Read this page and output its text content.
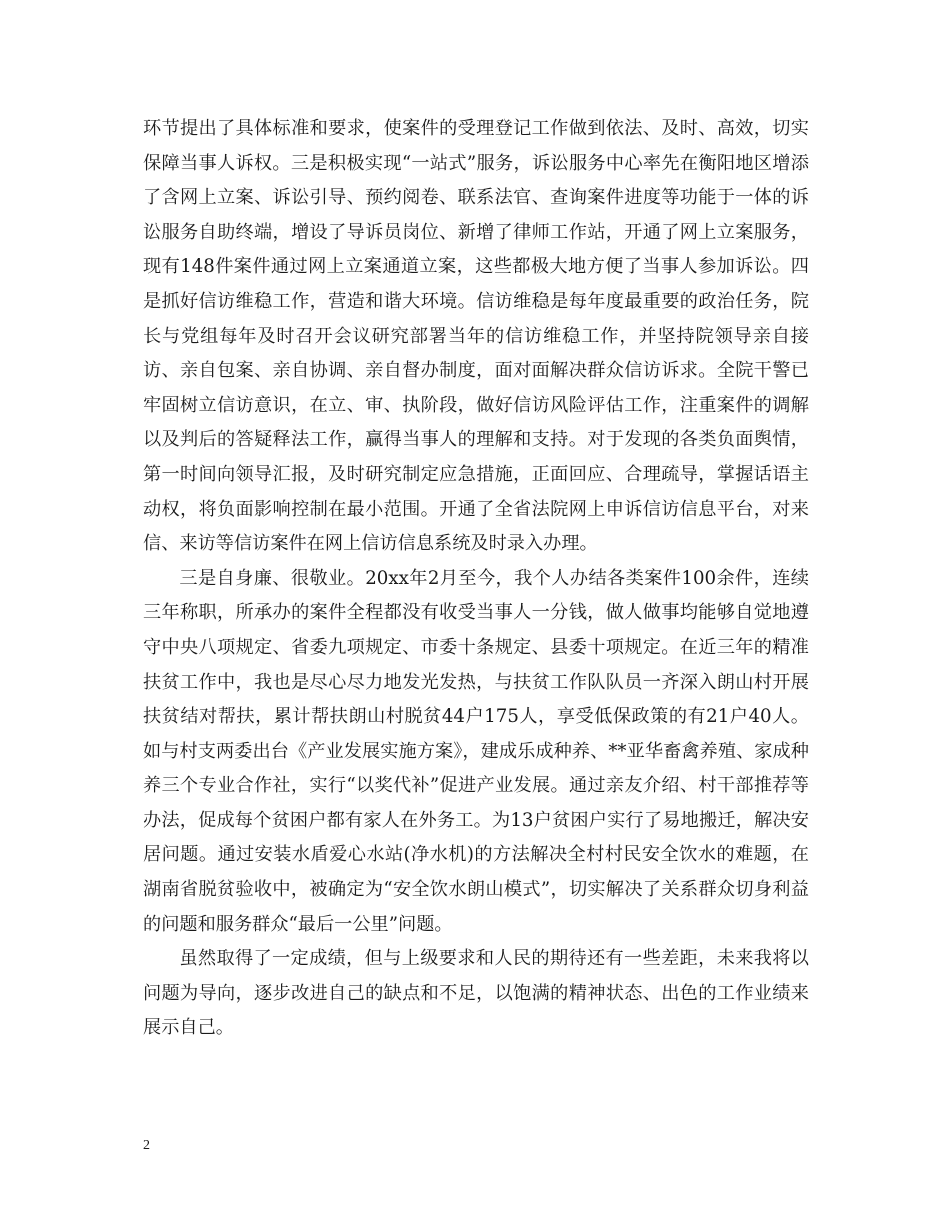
环节提出了具体标准和要求，使案件的受理登记工作做到依法、及时、高效，切实保障当事人诉权。三是积极实现“一站式”服务，诉讼服务中心率先在衡阳地区增添了含网上立案、诉讼引导、预约阅卷、联系法官、查询案件进度等功能于一体的诉讼服务自助终端，增设了导诉员岗位、新增了律师工作站，开通了网上立案服务，现有148件案件通过网上立案通道立案，这些都极大地方便了当事人参加诉讼。四是抓好信访维稳工作，营造和谐大环境。信访维稳是每年度最重要的政治任务，院长与党组每年及时召开会议研究部署当年的信访维稳工作，并坚持院领导亲自接访、亲自包案、亲自协调、亲自督办制度，面对面解决群众信访诉求。全院干警已牢固树立信访意识，在立、审、执阶段，做好信访风险评估工作，注重案件的调解以及判后的答疑释法工作，赢得当事人的理解和支持。对于发现的各类负面舆情，第一时间向领导汇报，及时研究制定应急措施，正面回应、合理疏导，掌握话语主动权，将负面影响控制在最小范围。开通了全省法院网上申诉信访信息平台，对来信、来访等信访案件在网上信访信息系统及时录入办理。

三是自身廉、很敬业。20xx年2月至今，我个人办结各类案件100余件，连续三年称职，所承办的案件全程都没有收受当事人一分钱，做人做事均能够自觉地遵守中央八项规定、省委九项规定、市委十条规定、县委十项规定。在近三年的精准扶贫工作中，我也是尽心尽力地发光发热，与扶贫工作队队员一齐深入朗山村开展扶贫结对帮扶，累计帮扶朗山村脱贫44户175人，享受低保政策的有21户40人。如与村支两委出台《产业发展实施方案》，建成乐成种养、**亚华畜禽养殖、家成种养三个专业合作社，实行“以奖代补”促进产业发展。通过亲友介绍、村干部推荐等办法，促成每个贫困户都有家人在外务工。为13户贫困户实行了易地搬迁，解决安居问题。通过安装水盾爱心水站(净水机)的方法解决全村村民安全饮水的难题，在湖南省脱贫验收中，被确定为“安全饮水朗山模式”，切实解决了关系群众切身利益的问题和服务群众“最后一公里”问题。

虽然取得了一定成绩，但与上级要求和人民的期待还有一些差距，未来我将以问题为导向，逐步改进自己的缺点和不足，以饱满的精神状态、出色的工作业绩来展示自己。

2
